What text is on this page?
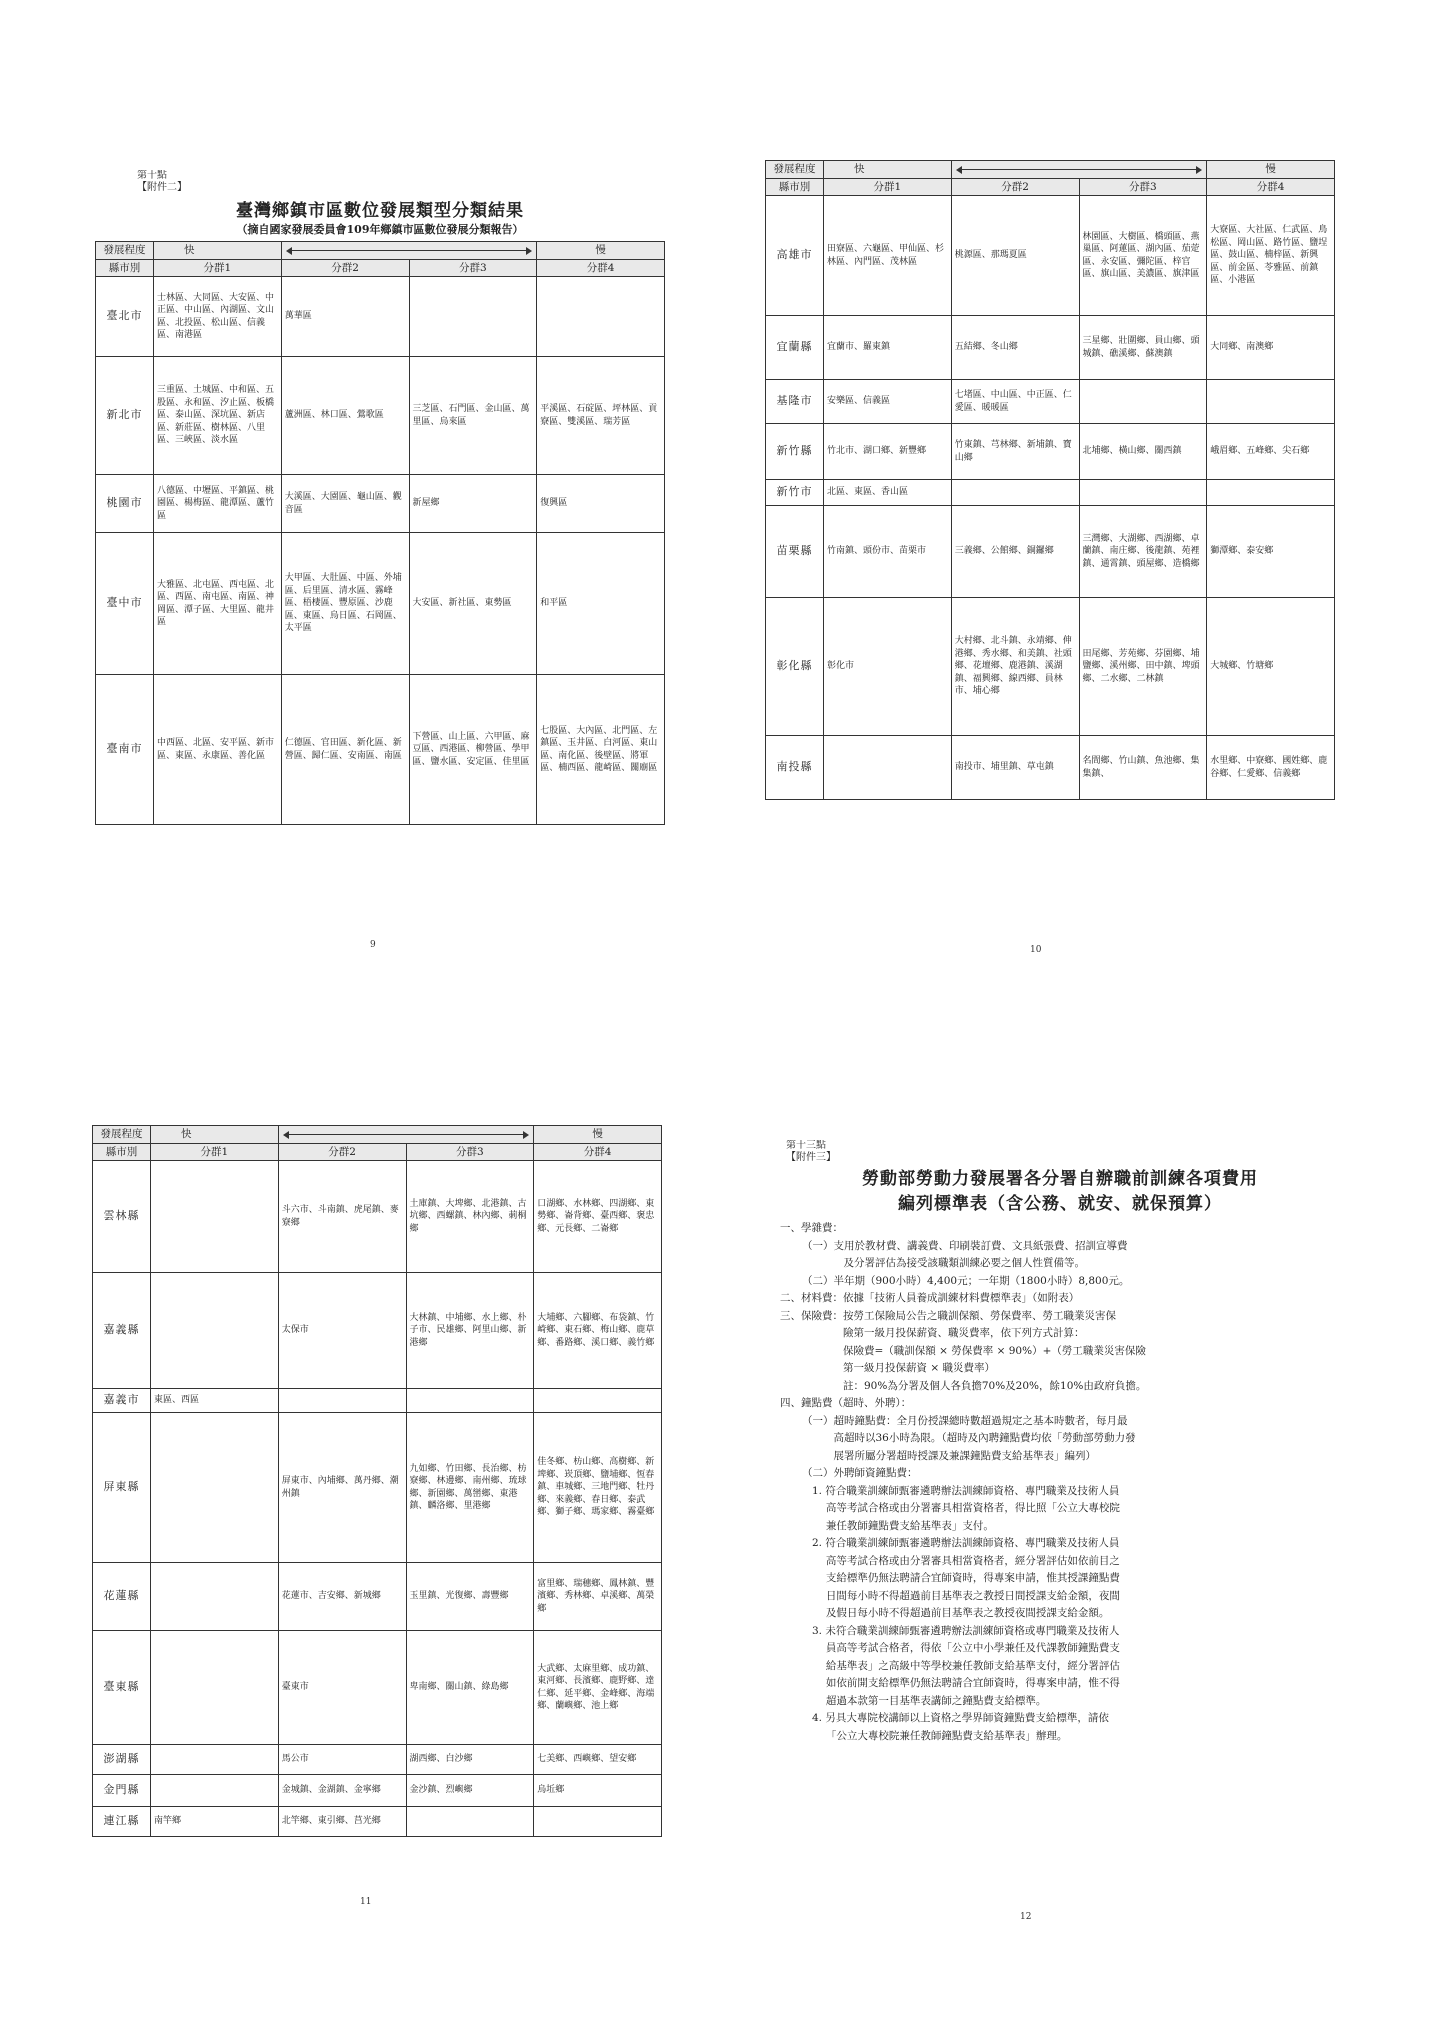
第十點
【附件二】
臺灣鄉鎮市區數位發展類型分類結果
（摘自國家發展委員會109年鄉鎮市區數位發展分類報告）
發展程度	快			慢
縣市別	分群1	分群2	分群3	分群4
臺北市	士林區、大同區、大安區、中正區、中山區、內湖區、文山區、北投區、松山區、信義區、南港區	萬華區		
新北市	三重區、土城區、中和區、五股區、永和區、汐止區、板橋區、泰山區、深坑區、新店區、新莊區、樹林區、八里區、三峽區、淡水區	蘆洲區、林口區、鶯歌區	三芝區、石門區、金山區、萬里區、烏來區	平溪區、石碇區、坪林區、貢寮區、雙溪區、瑞芳區
桃園市	八德區、中壢區、平鎮區、桃園區、楊梅區、龍潭區、蘆竹區	大溪區、大園區、龜山區、觀音區	新屋鄉	復興區
臺中市	大雅區、北屯區、西屯區、北區、西區、南屯區、南區、神岡區、潭子區、大里區、龍井區	大甲區、大肚區、中區、外埔區、后里區、清水區、霧峰區、梧棲區、豐原區、沙鹿區、東區、烏日區、石岡區、太平區	大安區、新社區、東勢區	和平區
臺南市	中西區、北區、安平區、新市區、東區、永康區、善化區	仁德區、官田區、新化區、新營區、歸仁區、安南區、南區	下營區、山上區、六甲區、麻豆區、西港區、柳營區、學甲區、鹽水區、安定區、佳里區	七股區、大內區、北門區、左鎮區、玉井區、白河區、東山區、南化區、後壁區、將軍區、楠西區、龍崎區、關廟區
9
發展程度	快			慢
縣市別	分群1	分群2	分群3	分群4
高雄市	田寮區、六龜區、甲仙區、杉林區、內門區、茂林區	桃源區、那瑪夏區	林園區、大樹區、橋頭區、燕巢區、阿蓮區、湖內區、茄萣區、永安區、彌陀區、梓官區、旗山區、美濃區、旗津區	大寮區、大社區、仁武區、鳥松區、岡山區、路竹區、鹽埕區、鼓山區、楠梓區、新興區、前金區、苓雅區、前鎮區、小港區
宜蘭縣	宜蘭市、羅東鎮	五結鄉、冬山鄉	三星鄉、壯圍鄉、員山鄉、頭城鎮、礁溪鄉、蘇澳鎮	大同鄉、南澳鄉
基隆市	安樂區、信義區	七堵區、中山區、中正區、仁愛區、暖暖區		
新竹縣	竹北市、湖口鄉、新豐鄉	竹東鎮、芎林鄉、新埔鎮、寶山鄉	北埔鄉、橫山鄉、關西鎮	峨眉鄉、五峰鄉、尖石鄉
新竹市	北區、東區、香山區			
苗栗縣	竹南鎮、頭份市、苗栗市	三義鄉、公館鄉、銅鑼鄉	三灣鄉、大湖鄉、西湖鄉、卓蘭鎮、南庄鄉、後龍鎮、苑裡鎮、通霄鎮、頭屋鄉、造橋鄉	獅潭鄉、泰安鄉
彰化縣	彰化市	大村鄉、北斗鎮、永靖鄉、伸港鄉、秀水鄉、和美鎮、社頭鄉、花壇鄉、鹿港鎮、溪湖鎮、福興鄉、線西鄉、員林市、埔心鄉	田尾鄉、芳苑鄉、芬園鄉、埔鹽鄉、溪州鄉、田中鎮、埤頭鄉、二水鄉、二林鎮	大城鄉、竹塘鄉
南投縣		南投市、埔里鎮、草屯鎮	名間鄉、竹山鎮、魚池鄉、集集鎮、	水里鄉、中寮鄉、國姓鄉、鹿谷鄉、仁愛鄉、信義鄉
10
發展程度	快			慢
縣市別	分群1	分群2	分群3	分群4
雲林縣		斗六市、斗南鎮、虎尾鎮、麥寮鄉	土庫鎮、大埤鄉、北港鎮、古坑鄉、西螺鎮、林內鄉、莿桐鄉	口湖鄉、水林鄉、四湖鄉、東勢鄉、崙背鄉、臺西鄉、褒忠鄉、元長鄉、二崙鄉
嘉義縣		太保市	大林鎮、中埔鄉、水上鄉、朴子市、民雄鄉、阿里山鄉、新港鄉	大埔鄉、六腳鄉、布袋鎮、竹崎鄉、東石鄉、梅山鄉、鹿草鄉、番路鄉、溪口鄉、義竹鄉
嘉義市	東區、西區			
屏東縣		屏東市、內埔鄉、萬丹鄉、潮州鎮	九如鄉、竹田鄉、長治鄉、枋寮鄉、林邊鄉、南州鄉、琉球鄉、新園鄉、萬巒鄉、東港鎮、麟洛鄉、里港鄉	佳冬鄉、枋山鄉、高樹鄉、新埤鄉、崁頂鄉、鹽埔鄉、恆春鎮、車城鄉、三地門鄉、牡丹鄉、來義鄉、春日鄉、泰武鄉、獅子鄉、瑪家鄉、霧臺鄉
花蓮縣		花蓮市、吉安鄉、新城鄉	玉里鎮、光復鄉、壽豐鄉	富里鄉、瑞穗鄉、鳳林鎮、豐濱鄉、秀林鄉、卓溪鄉、萬榮鄉
臺東縣		臺東市	卑南鄉、關山鎮、綠島鄉	大武鄉、太麻里鄉、成功鎮、東河鄉、長濱鄉、鹿野鄉、達仁鄉、延平鄉、金峰鄉、海端鄉、蘭嶼鄉、池上鄉
澎湖縣		馬公市	湖西鄉、白沙鄉	七美鄉、西嶼鄉、望安鄉
金門縣		金城鎮、金湖鎮、金寧鄉	金沙鎮、烈嶼鄉	烏坵鄉
連江縣	南竿鄉	北竿鄉、東引鄉、莒光鄉		
11
第十三點
【附件三】
勞動部勞動力發展署各分署自辦職前訓練各項費用
編列標準表（含公務、就安、就保預算）
一、學雜費：
（一）支用於教材費、講義費、印刷裝訂費、文具紙張費、招訓宣導費
　　　及分署評估為接受該職類訓練必要之個人性質備等。
（二）半年期（900小時）4,400元；一年期（1800小時）8,800元。
二、材料費：依據「技術人員養成訓練材料費標準表」（如附表）
三、保險費：按勞工保險局公告之職訓保額、勞保費率、勞工職業災害保
　　　　　　險第一級月投保薪資、職災費率，依下列方式計算：
　　　　　　保險費=（職訓保額 × 勞保費率 × 90%）+（勞工職業災害保險
　　　　　　第一級月投保薪資 × 職災費率）
　　　　　　註：90%為分署及個人各負擔70%及20%，餘10%由政府負擔。
四、鐘點費（超時、外聘）：
（一）超時鐘點費：全月份授課總時數超過規定之基本時數者，每月最
　　　高超時以36小時為限。（超時及內聘鐘點費均依「勞動部勞動力發
　　　展署所屬分署超時授課及兼課鐘點費支給基準表」編列）
（二）外聘師資鐘點費：
1. 符合職業訓練師甄審遴聘辦法訓練師資格、專門職業及技術人員
　 高等考試合格或由分署審具相當資格者，得比照「公立大專校院
　 兼任教師鐘點費支給基準表」支付。
2. 符合職業訓練師甄審遴聘辦法訓練師資格、專門職業及技術人員
　 高等考試合格或由分署審具相當資格者，經分署評估如依前目之
　 支給標準仍無法聘請合宜師資時，得專案申請，惟其授課鐘點費
　 日間每小時不得超過前目基準表之教授日間授課支給金額，夜間
　 及假日每小時不得超過前目基準表之教授夜間授課支給金額。
3. 未符合職業訓練師甄審遴聘辦法訓練師資格或專門職業及技術人
　 員高等考試合格者，得依「公立中小學兼任及代課教師鐘點費支
　 給基準表」之高級中等學校兼任教師支給基準支付，經分署評估
　 如依前開支給標準仍無法聘請合宜師資時，得專案申請，惟不得
　 超過本款第一目基準表講師之鐘點費支給標準。
4. 另具大專院校講師以上資格之學界師資鐘點費支給標準，請依
　 「公立大專校院兼任教師鐘點費支給基準表」辦理。
12
